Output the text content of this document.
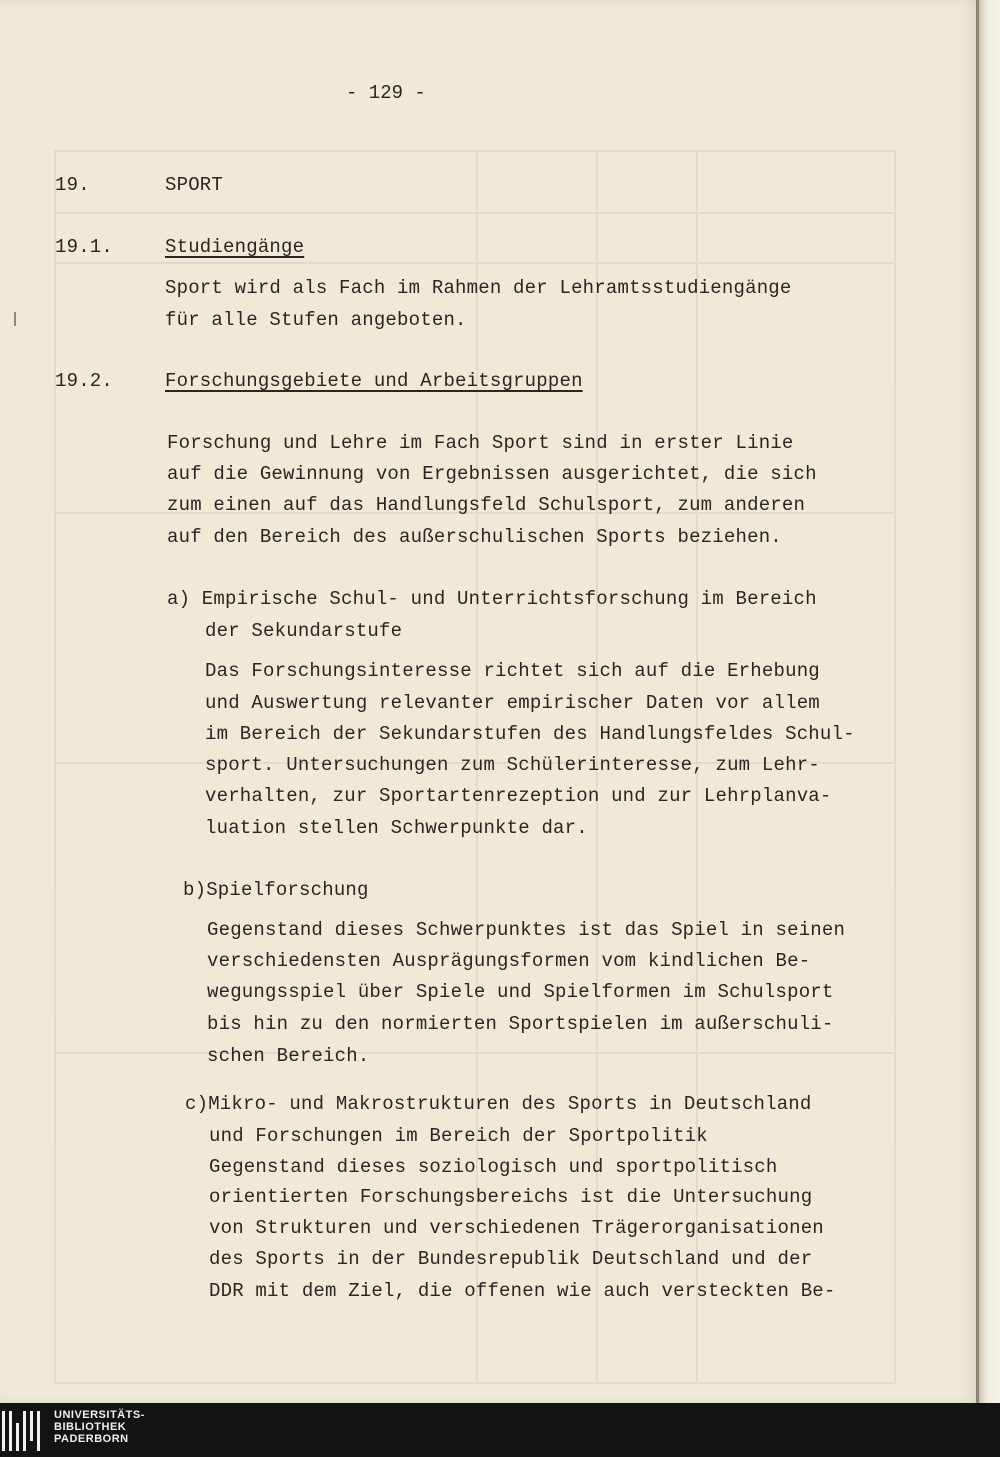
- 129 -
19.	SPORT
19.1.	Studiengänge
Sport wird als Fach im Rahmen der Lehramtsstudiengänge
für alle Stufen angeboten.
19.2.	Forschungsgebiete und Arbeitsgruppen
Forschung und Lehre im Fach Sport sind in erster Linie
auf die Gewinnung von Ergebnissen ausgerichtet, die sich
zum einen auf das Handlungsfeld Schulsport, zum anderen
auf den Bereich des außerschulischen Sports beziehen.
a) Empirische Schul- und Unterrichtsforschung im Bereich
der Sekundarstufe
Das Forschungsinteresse richtet sich auf die Erhebung
und Auswertung relevanter empirischer Daten vor allem
im Bereich der Sekundarstufen des Handlungsfeldes Schul-
sport. Untersuchungen zum Schülerinteresse, zum Lehr-
verhalten, zur Sportartenrezeption und zur Lehrplanva-
luation stellen Schwerpunkte dar.
b)Spielforschung
Gegenstand dieses Schwerpunktes ist das Spiel in seinen
verschiedensten Ausprägungsformen vom kindlichen Be-
wegungsspiel über Spiele und Spielformen im Schulsport
bis hin zu den normierten Sportspielen im außerschuli-
schen Bereich.
c)Mikro- und Makrostrukturen des Sports in Deutschland
und Forschungen im Bereich der Sportpolitik
Gegenstand dieses soziologisch und sportpolitisch
orientierten Forschungsbereichs ist die Untersuchung
von Strukturen und verschiedenen Trägerorganisationen
des Sports in der Bundesrepublik Deutschland und der
DDR mit dem Ziel, die offenen wie auch versteckten Be-
UNIVERSITÄTS-
BIBLIOTHEK
PADERBORN
